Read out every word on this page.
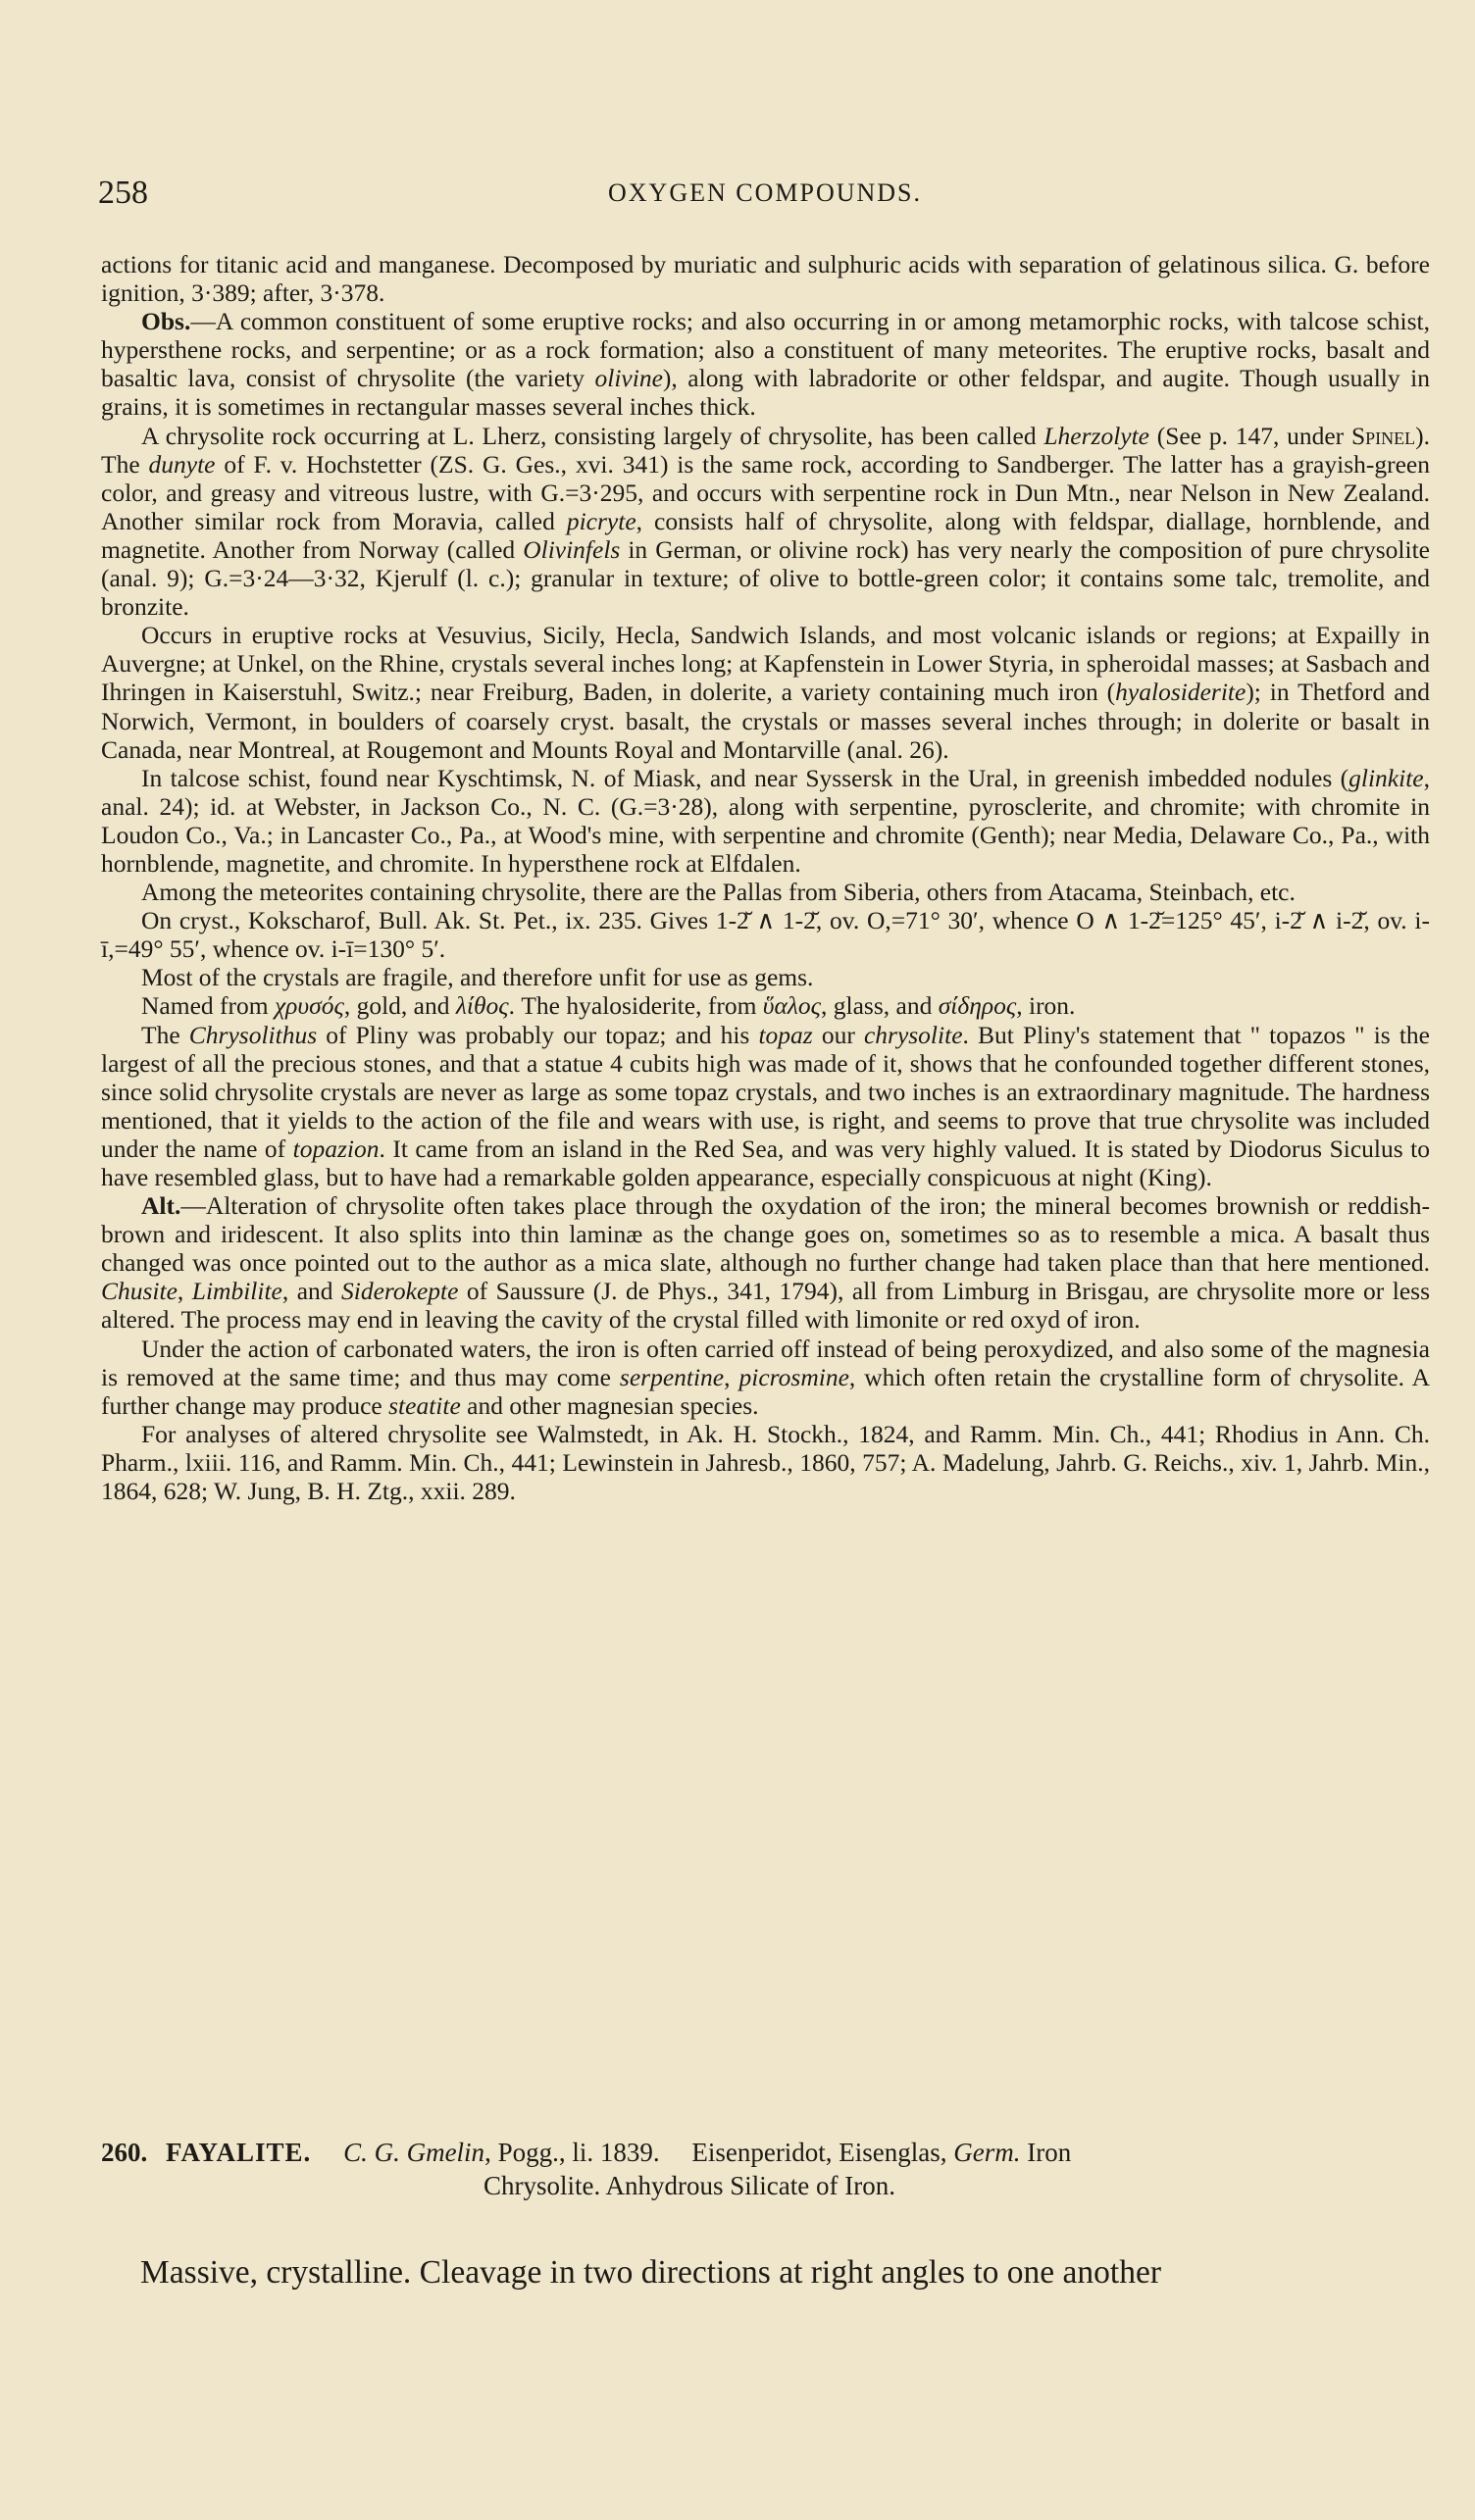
258	OXYGEN COMPOUNDS.

actions for titanic acid and manganese. Decomposed by muriatic and sulphuric acids with separation of gelatinous silica. G. before ignition, 3·389; after, 3·378.

Obs.—A common constituent of some eruptive rocks; and also occurring in or among metamorphic rocks, with talcose schist, hypersthene rocks, and serpentine; or as a rock formation; also a constituent of many meteorites. The eruptive rocks, basalt and basaltic lava, consist of chrysolite (the variety olivine), along with labradorite or other feldspar, and augite. Though usually in grains, it is sometimes in rectangular masses several inches thick.

A chrysolite rock occurring at L. Lherz, consisting largely of chrysolite, has been called Lherzolyte (See p. 147, under Spinel). The dunyte of F. v. Hochstetter (ZS. G. Ges., xvi. 341) is the same rock, according to Sandberger. The latter has a grayish-green color, and greasy and vitreous lustre, with G.=3·295, and occurs with serpentine rock in Dun Mtn., near Nelson in New Zealand. Another similar rock from Moravia, called picryte, consists half of chrysolite, along with feldspar, diallage, hornblende, and magnetite. Another from Norway (called Olivinfels in German, or olivine rock) has very nearly the composition of pure chrysolite (anal. 9); G.=3·24—3·32, Kjerulf (l. c.); granular in texture; of olive to bottle-green color; it contains some talc, tremolite, and bronzite.

Occurs in eruptive rocks at Vesuvius, Sicily, Hecla, Sandwich Islands, and most volcanic islands or regions; at Expailly in Auvergne; at Unkel, on the Rhine, crystals several inches long; at Kapfenstein in Lower Styria, in spheroidal masses; at Sasbach and Ihringen in Kaiserstuhl, Switz.; near Freiburg, Baden, in dolerite, a variety containing much iron (hyalosiderite); in Thetford and Norwich, Vermont, in boulders of coarsely cryst. basalt, the crystals or masses several inches through; in dolerite or basalt in Canada, near Montreal, at Rougemont and Mounts Royal and Montarville (anal. 26).

In talcose schist, found near Kyschtimsk, N. of Miask, and near Syssersk in the Ural, in greenish imbedded nodules (glinkite, anal. 24); id. at Webster, in Jackson Co., N. C. (G.=3·28), along with serpentine, pyrosclerite, and chromite; with chromite in Loudon Co., Va.; in Lancaster Co., Pa., at Wood's mine, with serpentine and chromite (Genth); near Media, Delaware Co., Pa., with hornblende, magnetite, and chromite. In hypersthene rock at Elfdalen.

Among the meteorites containing chrysolite, there are the Pallas from Siberia, others from Atacama, Steinbach, etc.

On cryst., Kokscharof, Bull. Ak. St. Pet., ix. 235. Gives 1-2̆ ∧ 1-2̆, ov. O,=71° 30′, whence O ∧ 1-2̆=125° 45′, i-2̆ ∧ i-2̆, ov. i-ī,=49° 55′, whence ov. i-ī=130° 5′.

Most of the crystals are fragile, and therefore unfit for use as gems.

Named from χρυσός, gold, and λίθος. The hyalosiderite, from ὕαλος, glass, and σίδηρος, iron.

The Chrysolithus of Pliny was probably our topaz; and his topaz our chrysolite. But Pliny's statement that " topazos " is the largest of all the precious stones, and that a statue 4 cubits high was made of it, shows that he confounded together different stones, since solid chrysolite crystals are never as large as some topaz crystals, and two inches is an extraordinary magnitude. The hardness mentioned, that it yields to the action of the file and wears with use, is right, and seems to prove that true chrysolite was included under the name of topazion. It came from an island in the Red Sea, and was very highly valued. It is stated by Diodorus Siculus to have resembled glass, but to have had a remarkable golden appearance, especially conspicuous at night (King).

Alt.—Alteration of chrysolite often takes place through the oxydation of the iron; the mineral becomes brownish or reddish-brown and iridescent. It also splits into thin laminæ as the change goes on, sometimes so as to resemble a mica. A basalt thus changed was once pointed out to the author as a mica slate, although no further change had taken place than that here mentioned. Chusite, Limbilite, and Siderokepte of Saussure (J. de Phys., 341, 1794), all from Limburg in Brisgau, are chrysolite more or less altered. The process may end in leaving the cavity of the crystal filled with limonite or red oxyd of iron.

Under the action of carbonated waters, the iron is often carried off instead of being peroxydized, and also some of the magnesia is removed at the same time; and thus may come serpentine, picrosmine, which often retain the crystalline form of chrysolite. A further change may produce steatite and other magnesian species.

For analyses of altered chrysolite see Walmstedt, in Ak. H. Stockh., 1824, and Ramm. Min. Ch., 441; Rhodius in Ann. Ch. Pharm., lxiii. 116, and Ramm. Min. Ch., 441; Lewinstein in Jahresb., 1860, 757; A. Madelung, Jahrb. G. Reichs., xiv. 1, Jahrb. Min., 1864, 628; W. Jung, B. H. Ztg., xxii. 289.

260. FAYALITE. C. G. Gmelin, Pogg., li. 1839. Eisenperidot, Eisenglas, Germ. Iron
Chrysolite. Anhydrous Silicate of Iron.

Massive, crystalline. Cleavage in two directions at right angles to one another
